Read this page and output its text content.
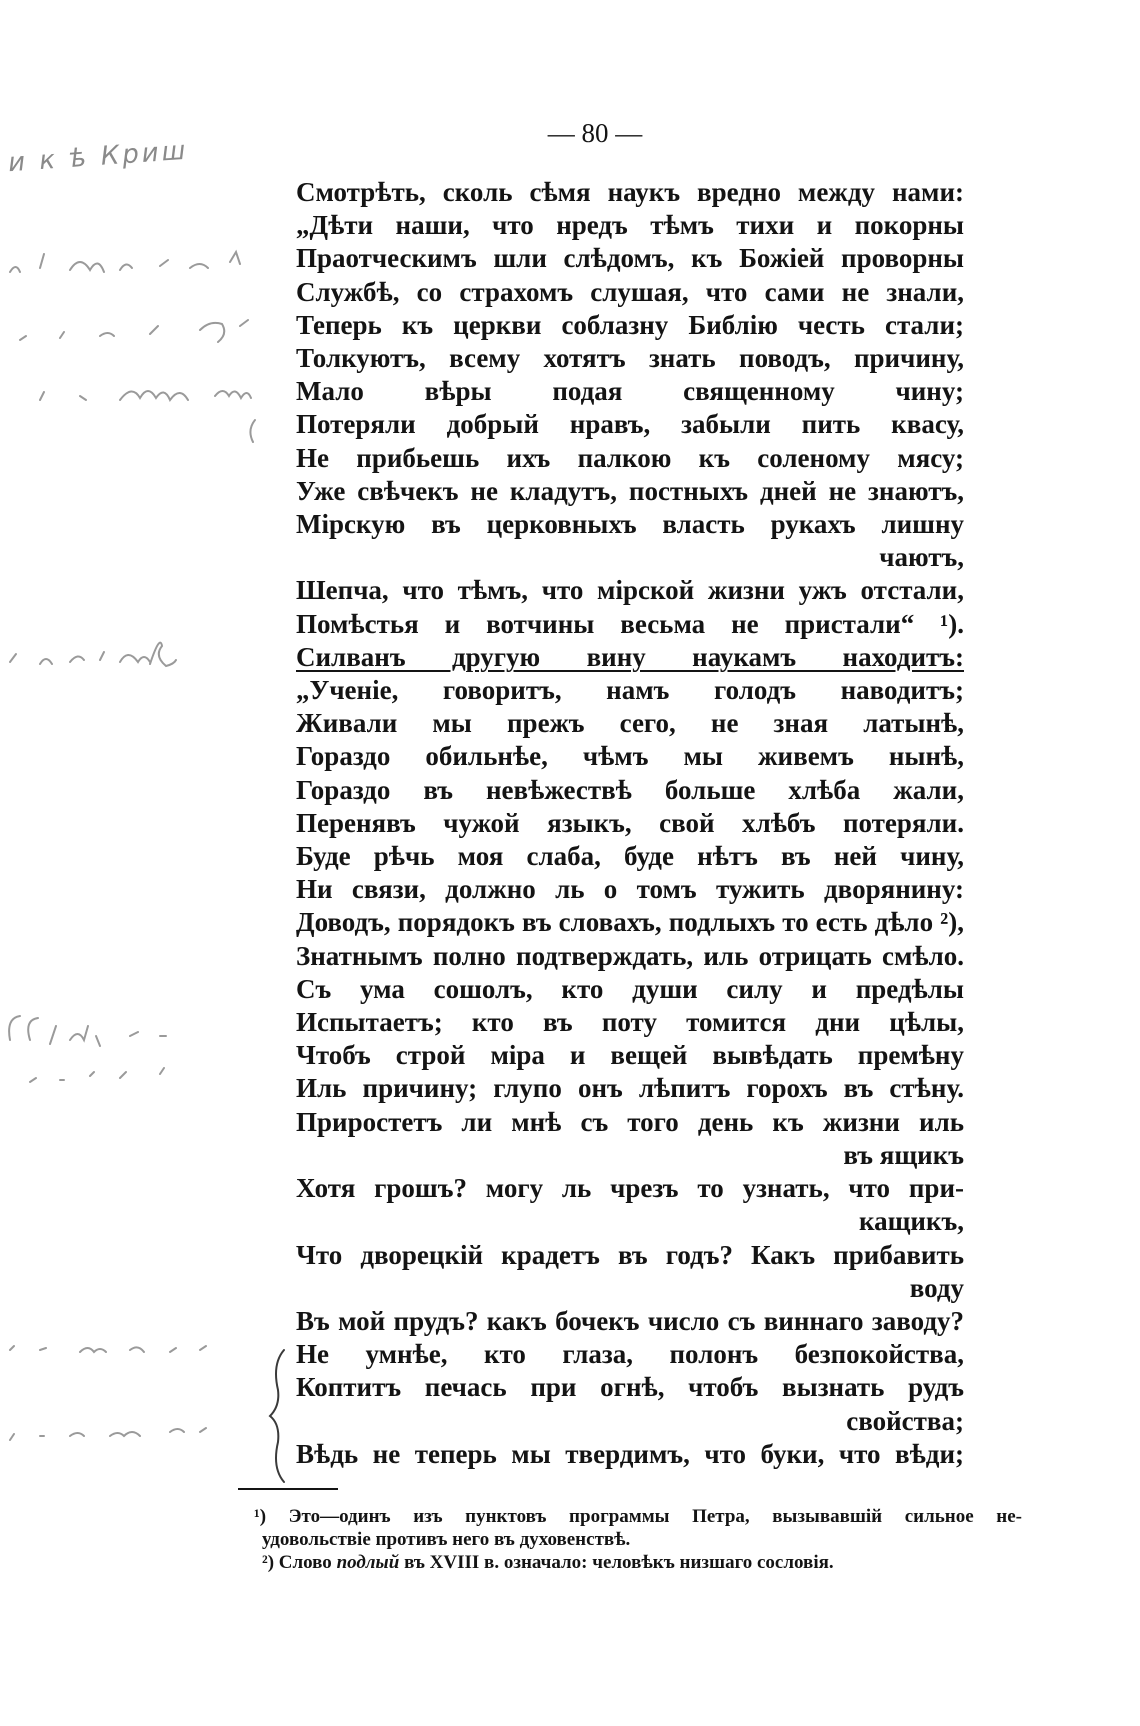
— 80 —
Смотрѣть, сколь сѣмя наукъ вредно между нами:
„Дѣти наши, что нредъ тѣмъ тихи и покорны
Праотческимъ шли слѣдомъ, къ Божіей проворны
Службѣ, со страхомъ слушая, что сами не знали,
Теперь къ церкви соблазну Библію честь стали;
Толкуютъ, всему хотятъ знать поводъ, причину,
Мало вѣры подая священному чину;
Потеряли добрый нравъ, забыли пить квасу,
Не прибьешь ихъ палкою къ соленому мясу;
Уже свѣчекъ не кладутъ, постныхъ дней не знаютъ,
Мірскую въ церковныхъ власть рукахъ лишну
чаютъ,
Шепча, что тѣмъ, что мірской жизни ужъ отстали,
Помѣстья и вотчины весьма не пристали“ ¹).
Силванъ другую вину наукамъ находитъ:
„Ученіе, говоритъ, намъ голодъ наводитъ;
Живали мы прежъ сего, не зная латынѣ,
Гораздо обильнѣе, чѣмъ мы живемъ нынѣ,
Гораздо въ невѣжествѣ больше хлѣба жали,
Перенявъ чужой языкъ, свой хлѣбъ потеряли.
Буде рѣчь моя слаба, буде нѣтъ въ ней чину,
Ни связи, должно ль о томъ тужить дворянину:
Доводъ, порядокъ въ словахъ, подлыхъ то есть дѣло ²),
Знатнымъ полно подтверждать, иль отрицать смѣло.
Съ ума сошолъ, кто души силу и предѣлы
Испытаетъ; кто въ поту томится дни цѣлы,
Чтобъ строй міра и вещей вывѣдать премѣну
Иль причину; глупо онъ лѣпитъ горохъ въ стѣну.
Приростетъ ли мнѣ съ того день къ жизни иль
въ ящикъ
Хотя грошъ? могу ль чрезъ то узнать, что при-
кащикъ,
Что дворецкій крадетъ въ годъ? Какъ прибавить
воду
Въ мой прудъ? какъ бочекъ число съ виннаго заводу?
Не умнѣе, кто глаза, полонъ безпокойства,
Коптитъ печась при огнѣ, чтобъ вызнать рудъ
свойства;
Вѣдь не теперь мы твердимъ, что буки, что вѣди;
¹) Это—одинъ изъ пунктовъ программы Петра, вызывавшій сильное не-
удовольствіе противъ него въ духовенствѣ.
²) Слово подлый въ XVIII в. означало: человѣкъ низшаго сословія.
и к ѣ Криш
